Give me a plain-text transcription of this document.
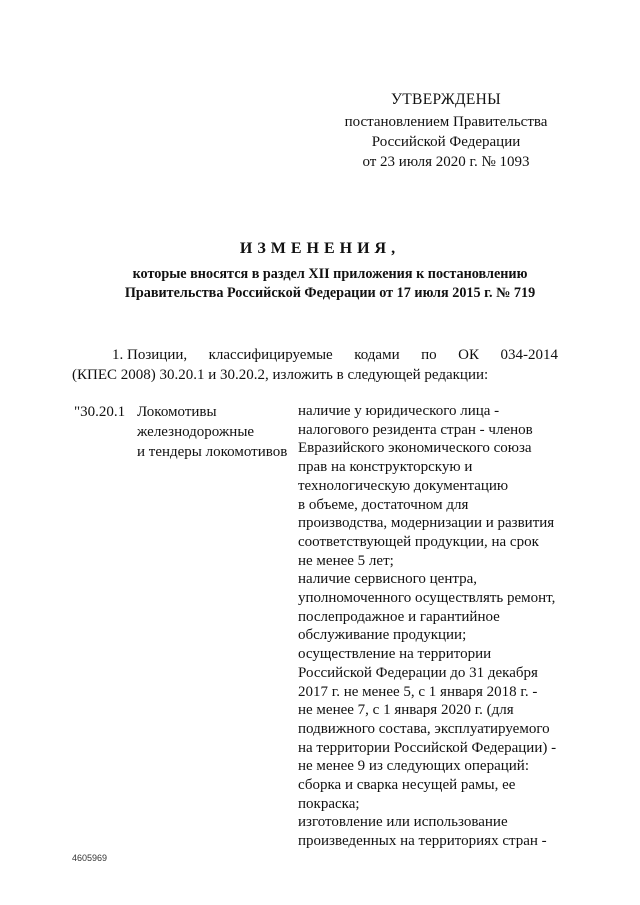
УТВЕРЖДЕНЫ
постановлением Правительства
Российской Федерации
от 23 июля 2020 г. № 1093
ИЗМЕНЕНИЯ,
которые вносятся в раздел XII приложения к постановлению
Правительства Российской Федерации от 17 июля 2015 г. № 719
1. Позиции, классифицируемые кодами по ОК 034-2014
(КПЕС 2008) 30.20.1 и 30.20.2, изложить в следующей редакции:
"30.20.1 Локомотивы
железнодорожные
и тендеры локомотивов
наличие у юридического лица -
налогового резидента стран - членов
Евразийского экономического союза
прав на конструкторскую и
технологическую документацию
в объеме, достаточном для
производства, модернизации и развития
соответствующей продукции, на срок
не менее 5 лет;
наличие сервисного центра,
уполномоченного осуществлять ремонт,
послепродажное и гарантийное
обслуживание продукции;
осуществление на территории
Российской Федерации до 31 декабря
2017 г. не менее 5, с 1 января 2018 г. -
не менее 7, с 1 января 2020 г. (для
подвижного состава, эксплуатируемого
на территории Российской Федерации) -
не менее 9 из следующих операций:
сборка и сварка несущей рамы, ее
покраска;
изготовление или использование
произведенных на территориях стран -
4605969
